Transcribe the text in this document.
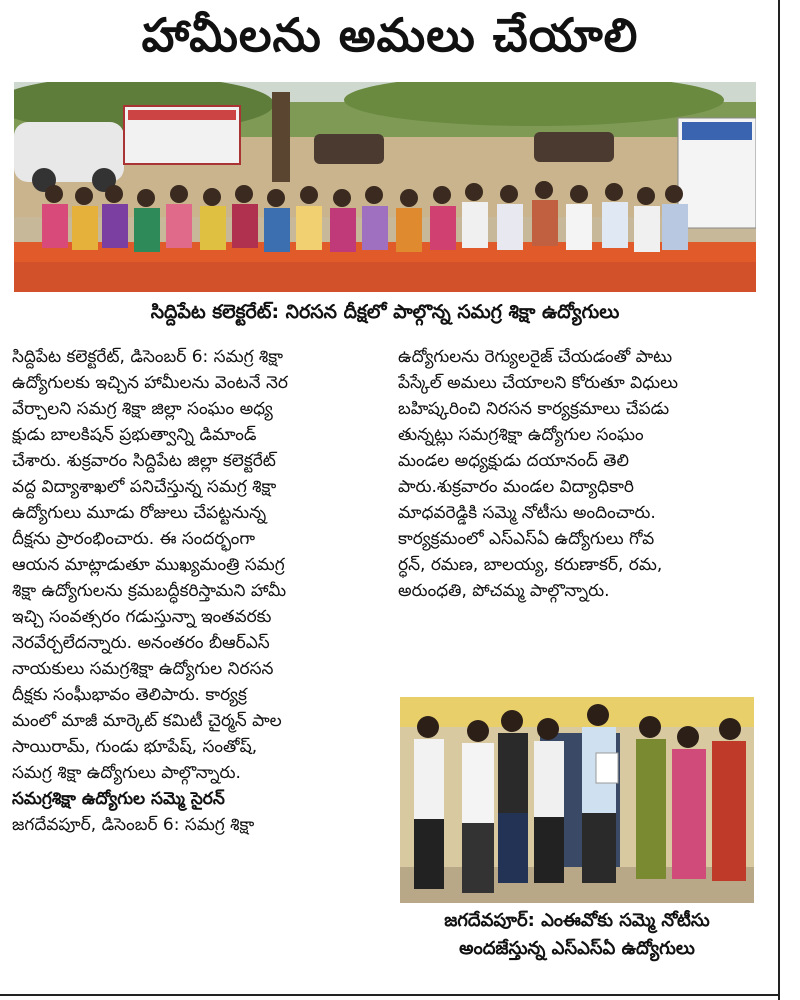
హామీలను అమలు చేయాలి
సిద్దిపేట కలెక్టరేట్: నిరసన దీక్షలో పాల్గొన్న సమగ్ర శిక్షా ఉద్యోగులు
సిద్దిపేట కలెక్టరేట్, డిసెంబర్ 6: సమగ్ర శిక్షా
ఉద్యోగులకు ఇచ్చిన హామీలను వెంటనే నెర
వేర్చాలని సమగ్ర శిక్షా జిల్లా సంఘం అధ్య
క్షుడు బాలకిషన్ ప్రభుత్వాన్ని డిమాండ్
చేశారు. శుక్రవారం సిద్దిపేట జిల్లా కలెక్టరేట్
వద్ద విద్యాశాఖలో పనిచేస్తున్న సమగ్ర శిక్షా
ఉద్యోగులు మూడు రోజులు చేపట్టనున్న
దీక్షను ప్రారంభించారు. ఈ సందర్భంగా
ఆయన మాట్లాడుతూ ముఖ్యమంత్రి సమగ్ర
శిక్షా ఉద్యోగులను క్రమబద్ధీకరిస్తామని హామీ
ఇచ్చి సంవత్సరం గడుస్తున్నా ఇంతవరకు
నెరవేర్చలేదన్నారు. అనంతరం బీఆర్ఎస్
నాయకులు సమగ్రశిక్షా ఉద్యోగుల నిరసన
దీక్షకు సంఘీభావం తెలిపారు. కార్యక్ర
మంలో మాజీ మార్కెట్ కమిటీ చైర్మన్ పాల
సాయిరామ్, గుండు భూపేష్, సంతోష్,
సమగ్ర శిక్షా ఉద్యోగులు పాల్గొన్నారు.
సమగ్రశిక్షా ఉద్యోగుల సమ్మె సైరన్
జగదేవపూర్, డిసెంబర్ 6: సమగ్ర శిక్షా
ఉద్యోగులను రెగ్యులరైజ్ చేయడంతో పాటు
పేస్కేల్ అమలు చేయాలని కోరుతూ విధులు
బహిష్కరించి నిరసన కార్యక్రమాలు చేపడు
తున్నట్లు సమగ్రశిక్షా ఉద్యోగుల సంఘం
మండల అధ్యక్షుడు దయానంద్ తెలి
పారు.శుక్రవారం మండల విద్యాధికారి
మాధవరెడ్డికి సమ్మె నోటీసు అందించారు.
కార్యక్రమంలో ఎస్ఎస్ఏ ఉద్యోగులు గోవ
ర్ధన్, రమణ, బాలయ్య, కరుణాకర్, రమ,
అరుంధతి, పోచమ్మ పాల్గొన్నారు.
జగదేవపూర్: ఎంఈవోకు సమ్మె నోటీసు
అందజేస్తున్న ఎస్ఎస్ఏ ఉద్యోగులు
